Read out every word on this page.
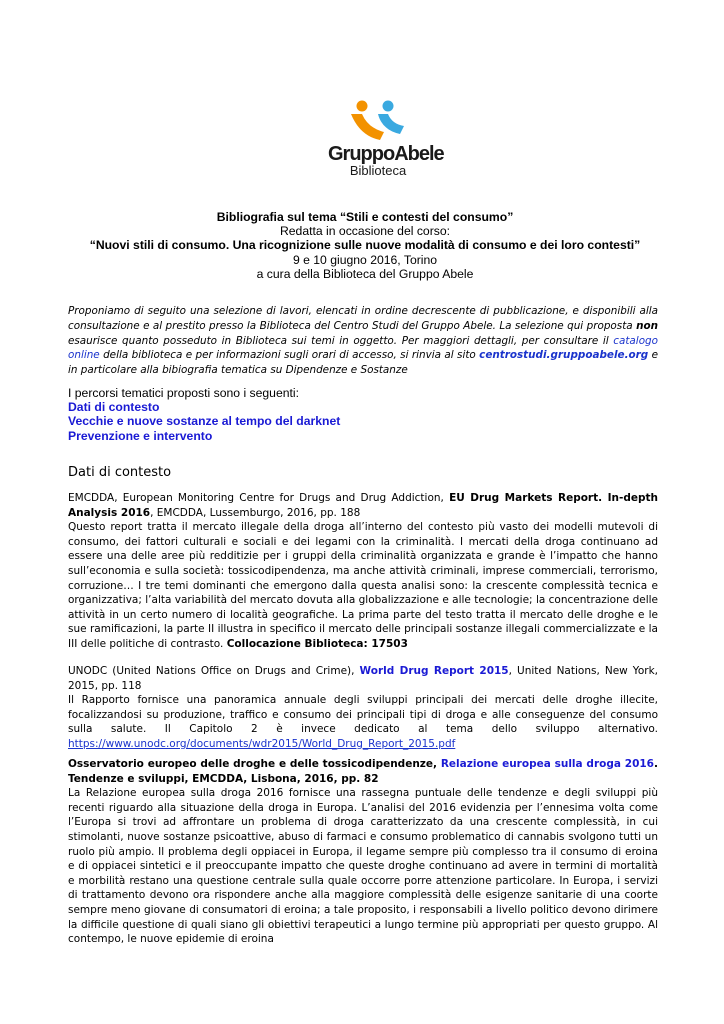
GruppoAbele
Biblioteca
Bibliografia sul tema “Stili e contesti del consumo”
Redatta in occasione del corso:
“Nuovi stili di consumo. Una ricognizione sulle nuove modalità di consumo e dei loro contesti”
9 e 10 giugno 2016, Torino
a cura della Biblioteca del Gruppo Abele
Proponiamo di seguito una selezione di lavori, elencati in ordine decrescente di pubblicazione, e disponibili alla consultazione e al prestito presso la Biblioteca del Centro Studi del Gruppo Abele. La selezione qui proposta non esaurisce quanto posseduto in Biblioteca sui temi in oggetto. Per maggiori dettagli, per consultare il catalogo online della biblioteca e per informazioni sugli orari di accesso, si rinvia al sito centrostudi.gruppoabele.org e in particolare alla bibiografia tematica su Dipendenze e Sostanze
I percorsi tematici proposti sono i seguenti:
Dati di contesto
Vecchie e nuove sostanze al tempo del darknet
Prevenzione e intervento
Dati di contesto

EMCDDA, European Monitoring Centre for Drugs and Drug Addiction, EU Drug Markets Report. In-depth Analysis 2016, EMCDDA, Lussemburgo, 2016, pp. 188

Questo report tratta il mercato illegale della droga all’interno del contesto più vasto dei modelli mutevoli di consumo, dei fattori culturali e sociali e dei legami con la criminalità. I mercati della droga continuano ad essere una delle aree più redditizie per i gruppi della criminalità organizzata e grande è l’impatto che hanno sull’economia e sulla società: tossicodipendenza, ma anche attività criminali, imprese commerciali, terrorismo, corruzione… I tre temi dominanti che emergono dalla questa analisi sono: la crescente complessità tecnica e organizzativa; l’alta variabilità del mercato dovuta alla globalizzazione e alle tecnologie; la concentrazione delle attività in un certo numero di località geografiche. La prima parte del testo tratta il mercato delle droghe e le sue ramificazioni, la parte II illustra in specifico il mercato delle principali sostanze illegali commercializzate e la III delle politiche di contrasto. Collocazione Biblioteca: 17503

UNODC (United Nations Office on Drugs and Crime), World Drug Report 2015, United Nations, New York, 2015, pp. 118

Il Rapporto fornisce una panoramica annuale degli sviluppi principali dei mercati delle droghe illecite, focalizzandosi su produzione, traffico e consumo dei principali tipi di droga e alle conseguenze del consumo sulla salute. Il Capitolo 2 è invece dedicato al tema dello sviluppo alternativo. https://www.unodc.org/documents/wdr2015/World_Drug_Report_2015.pdf

Osservatorio europeo delle droghe e delle tossicodipendenze, Relazione europea sulla droga 2016. Tendenze e sviluppi, EMCDDA, Lisbona, 2016, pp. 82

La Relazione europea sulla droga 2016 fornisce una rassegna puntuale delle tendenze e degli sviluppi più recenti riguardo alla situazione della droga in Europa. L’analisi del 2016 evidenzia per l’ennesima volta come l’Europa si trovi ad affrontare un problema di droga caratterizzato da una crescente complessità, in cui stimolanti, nuove sostanze psicoattive, abuso di farmaci e consumo problematico di cannabis svolgono tutti un ruolo più ampio. Il problema degli oppiacei in Europa, il legame sempre più complesso tra il consumo di eroina e di oppiacei sintetici e il preoccupante impatto che queste droghe continuano ad avere in termini di mortalità e morbilità restano una questione centrale sulla quale occorre porre attenzione particolare. In Europa, i servizi di trattamento devono ora rispondere anche alla maggiore complessità delle esigenze sanitarie di una coorte sempre meno giovane di consumatori di eroina; a tale proposito, i responsabili a livello politico devono dirimere la difficile questione di quali siano gli obiettivi terapeutici a lungo termine più appropriati per questo gruppo. Al contempo, le nuove epidemie di eroina
